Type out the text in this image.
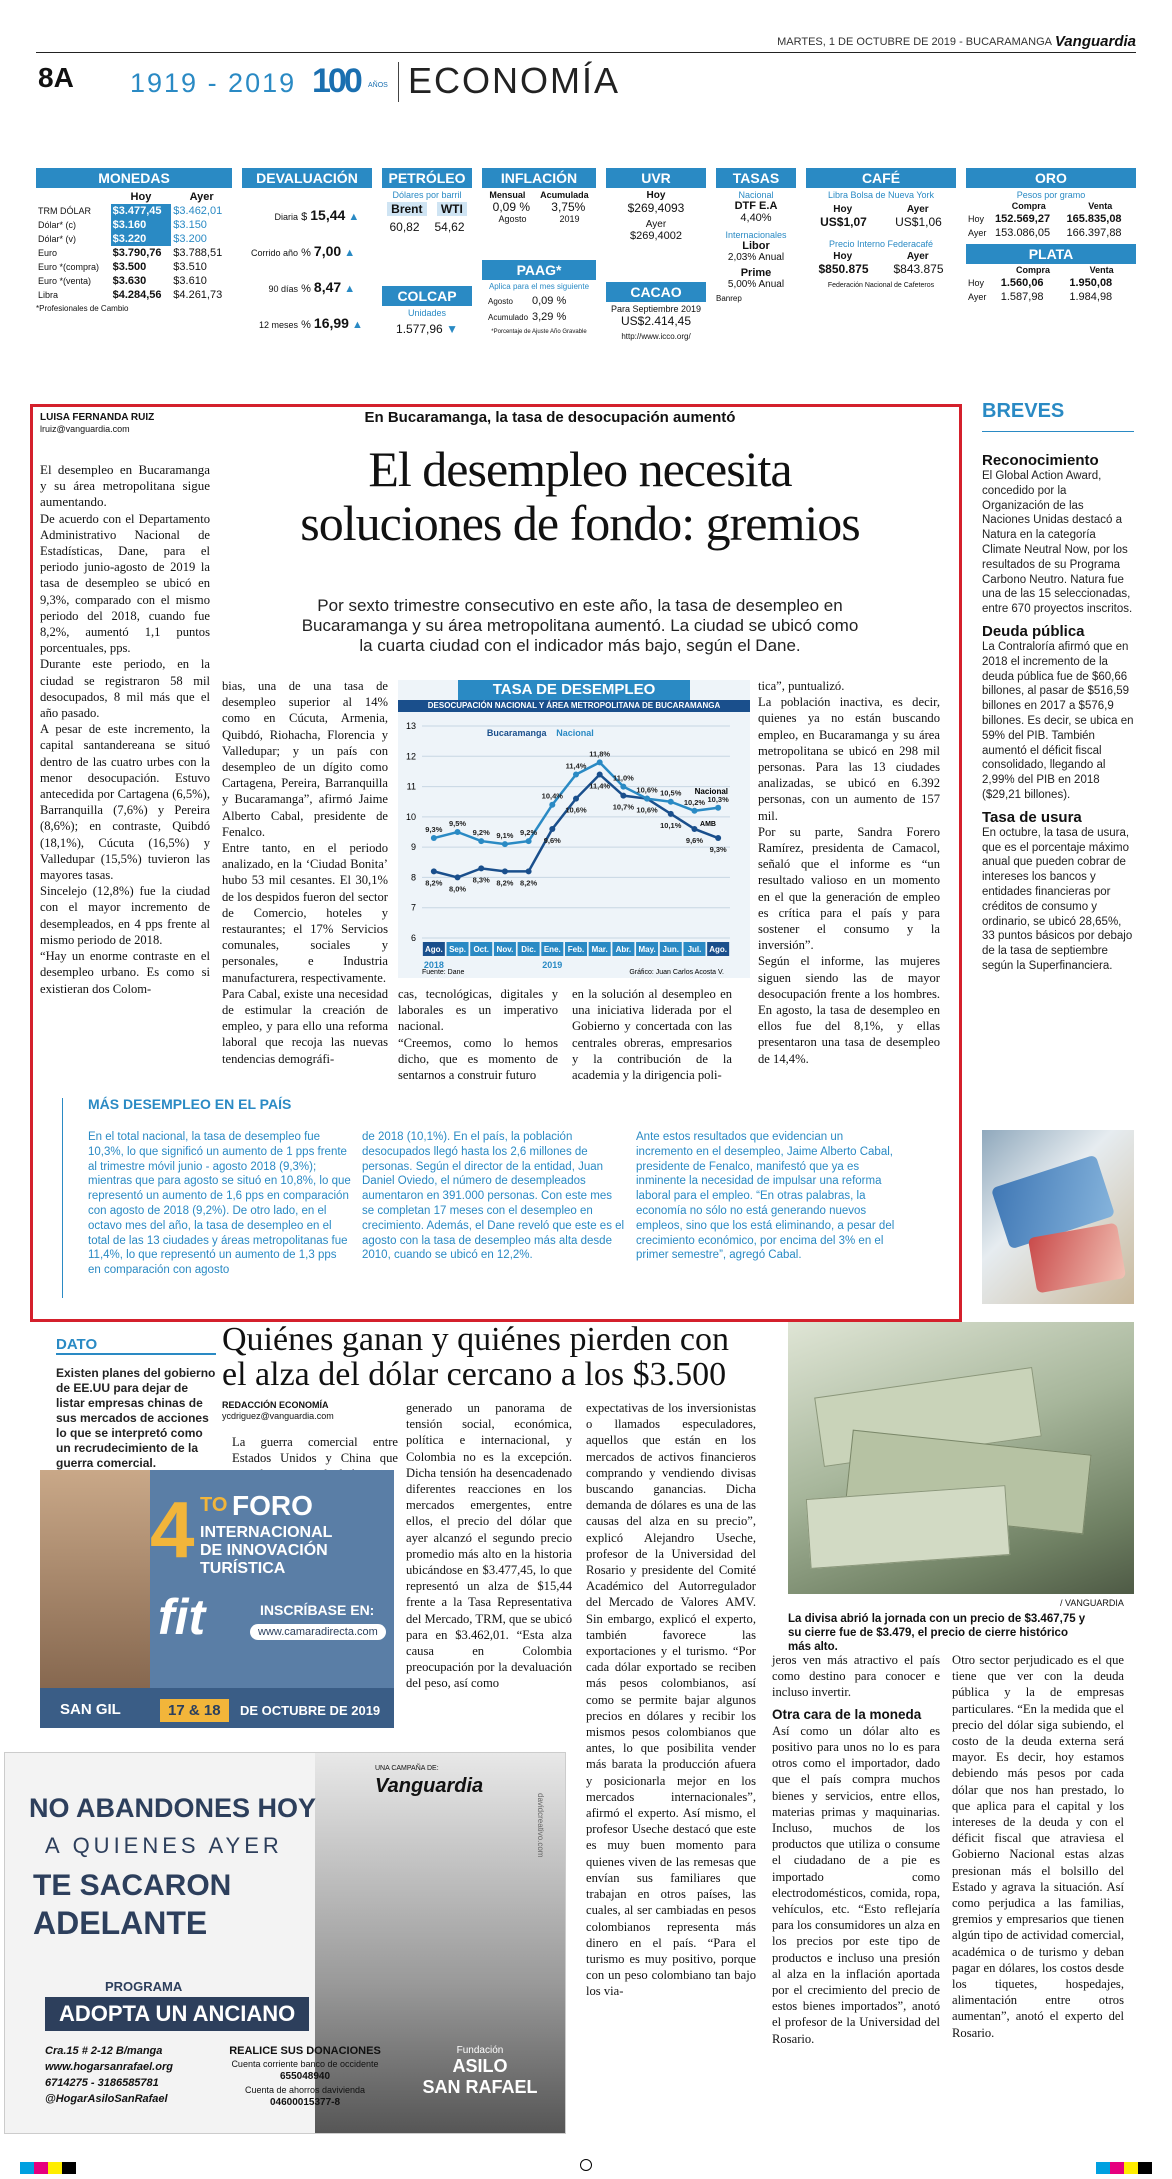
MARTES, 1 DE OCTUBRE DE 2019 - BUCARAMANGA Vanguardia
8A 1919 - 2019 100 AÑOS ECONOMÍA
MONEDAS
	Hoy	Ayer
TRM DÓLAR	$3.477,45	$3.462,01
Dólar* (c)	$3.160	$3.150
Dólar* (v)	$3.220	$3.200
Euro	$3.790,76	$3.788,51
Euro *(compra)	$3.500	$3.510
Euro *(venta)	$3.630	$3.610
Libra	$4.284,56	$4.261,73
*Profesionales de Cambio
DEVALUACIÓN
Diaria $ 15,44 ▲
Corrido año % 7,00 ▲
90 días % 8,47 ▲
12 meses % 16,99 ▲
PETRÓLEO
Dólares por barril
Brent	WTI
60,82 54,62
COLCAP
Unidades
1.577,96 ▼
INFLACIÓN
Mensual Acumulada
0,09 % 3,75%
Agosto	2019
PAAG*
Aplica para el mes siguiente
Agosto 0,09 %
Acumulado 3,29 %
*Porcentaje de Ajuste Año Gravable
UVR
Hoy
$269,4093
Ayer
$269,4002
CACAO
Para Septiembre 2019
US$2.414,45
http://www.icco.org/
TASAS
Nacional
DTF E.A
4,40%
Internacionales
Libor
2,03% Anual
Prime
5,00% Anual
Banrep
CAFÉ
Libra Bolsa de Nueva York
Hoy	Ayer
US$1,07 US$1,06
Precio Interno Federacafé
Hoy	Ayer
$850.875 $843.875
Federación Nacional de Cafeteros
ORO
Pesos por gramo
	Compra	Venta
Hoy	152.569,27	165.835,08
Ayer	153.086,05	166.397,88
PLATA
	Compra	Venta
Hoy	1.560,06	1.950,08
Ayer	1.587,98	1.984,98
LUISA FERNANDA RUIZ
lruiz@vanguardia.com
En Bucaramanga, la tasa de desocupación aumentó
El desempleo necesita
soluciones de fondo: gremios
Por sexto trimestre consecutivo en este año, la tasa de desempleo en Bucaramanga y su área metropolitana aumentó. La ciudad se ubicó como la cuarta ciudad con el indicador más bajo, según el Dane.

El desempleo en Bucaramanga y su área metropolitana sigue aumentando.

De acuerdo con el Departamento Administrativo Nacional de Estadísticas, Dane, para el periodo junio-agosto de 2019 la tasa de desempleo se ubicó en 9,3%, comparado con el mismo periodo del 2018, cuando fue 8,2%, aumentó 1,1 puntos porcentuales, pps.

Durante este periodo, en la ciudad se registraron 58 mil desocupados, 8 mil más que el año pasado.

A pesar de este incremento, la capital santandereana se situó dentro de las cuatro urbes con la menor desocupación. Estuvo antecedida por Cartagena (6,5%), Barranquilla (7,6%) y Pereira (8,6%); en contraste, Quibdó (18,1%), Cúcuta (16,5%) y Valledupar (15,5%) tuvieron las mayores tasas.

Sincelejo (12,8%) fue la ciudad con el mayor incremento de desempleados, en 4 pps frente al mismo periodo de 2018.

“Hay un enorme contraste en el desempleo urbano. Es como si existieran dos Colom-

bias, una de una tasa de desempleo superior al 14% como en Cúcuta, Armenia, Quibdó, Riohacha, Florencia y Valledupar; y un país con desempleo de un dígito como Cartagena, Pereira, Barranquilla y Bucaramanga”, afirmó Jaime Alberto Cabal, presidente de Fenalco.

Entre tanto, en el periodo analizado, en la ‘Ciudad Bonita’ hubo 53 mil cesantes. El 30,1% de los despidos fueron del sector de Comercio, hoteles y restaurantes; el 17% Servicios comunales, sociales y personales, e Industria manufacturera, respectivamente.

Para Cabal, existe una necesidad de estimular la creación de empleo, y para ello una reforma laboral que recoja las nuevas tendencias demográfi-

cas, tecnológicas, digitales y laborales es un imperativo nacional.

“Creemos, como lo hemos dicho, que es momento de sentarnos a construir futuro

en la solución al desempleo en una iniciativa liderada por el Gobierno y concertada con las centrales obreras, empresarios y la contribución de la academia y la dirigencia poli-

tica”, puntualizó.

La población inactiva, es decir, quienes ya no están buscando empleo, en Bucaramanga y su área metropolitana se ubicó en 298 mil personas. Para las 13 ciudades analizadas, se ubicó en 6.392 personas, con un aumento de 157 mil.

Por su parte, Sandra Forero Ramírez, presidenta de Camacol, señaló que el informe es “un resultado valioso en un momento en el que la generación de empleo es crítica para el país y para sostener el consumo y la inversión”.

Según el informe, las mujeres siguen siendo las de mayor desocupación frente a los hombres. En agosto, la tasa de desempleo en ellos fue del 8,1%, y ellas presentaron una tasa de desempleo de 14,4%.

TASA DE DESEMPLEO
DESOCUPACIÓN NACIONAL Y ÁREA METROPOLITANA DE BUCARAMANGA
13
12
11
10
9
8
7
6
Ago. Sep. Oct. Nov. Dic. Ene. Feb. Mar. Abr. May. Jun. Jul. Ago.
2018	2019
Bucaramanga Nacional
8,2%
8,0%
8,3% 8,2% 8,2%
9,6%
10,6%
11,4%
10,7% 10,6%
10,1%
9,6%
9,3%
9,3%
9,5%
9,2% 9,1% 9,2%
10,4%
11,4%
11,8%
11,0%
10,6% 10,5%
10,2% 10,3%
Nacional
AMB
Fuente: Dane	Gráfico: Juan Carlos Acosta V.
MÁS DESEMPLEO EN EL PAÍS
En el total nacional, la tasa de desempleo fue 10,3%, lo que significó un aumento de 1 pps frente al trimestre móvil junio - agosto 2018 (9,3%); mientras que para agosto se situó en 10,8%, lo que representó un aumento de 1,6 pps en comparación con agosto de 2018 (9,2%). De otro lado, en el octavo mes del año, la tasa de desempleo en el total de las 13 ciudades y áreas metropolitanas fue 11,4%, lo que representó un aumento de 1,3 pps en comparación con agosto
de 2018 (10,1%). En el país, la población desocupados llegó hasta los 2,6 millones de personas. Según el director de la entidad, Juan Daniel Oviedo, el número de desempleados aumentaron en 391.000 personas. Con este mes se completan 17 meses con el desempleo en crecimiento. Además, el Dane reveló que este es el agosto con la tasa de desempleo más alta desde 2010, cuando se ubicó en 12,2%.
Ante estos resultados que evidencian un incremento en el desempleo, Jaime Alberto Cabal, presidente de Fenalco, manifestó que ya es inminente la necesidad de impulsar una reforma laboral para el empleo. “En otras palabras, la economía no sólo no está generando nuevos empleos, sino que los está eliminando, a pesar del crecimiento económico, por encima del 3% en el primer semestre”, agregó Cabal.
BREVES
Reconocimiento
El Global Action Award, concedido por la Organización de las Naciones Unidas destacó a Natura en la categoría Climate Neutral Now, por los resultados de su Programa Carbono Neutro. Natura fue una de las 15 seleccionadas, entre 670 proyectos inscritos.
Deuda pública
La Contraloría afirmó que en 2018 el incremento de la deuda pública fue de $60,66 billones, al pasar de $516,59 billones en 2017 a $576,9 billones. Es decir, se ubica en 59% del PIB. También aumentó el déficit fiscal consolidado, llegando al 2,99% del PIB en 2018 ($29,21 billones).
Tasa de usura
En octubre, la tasa de usura, que es el porcentaje máximo anual que pueden cobrar de intereses los bancos y entidades financieras por créditos de consumo y ordinario, se ubicó 28,65%, 33 puntos básicos por debajo de la tasa de septiembre según la Superfinanciera.
DATO
Existen planes del gobierno de EE.UU para dejar de listar empresas chinas de sus mercados de acciones lo que se interpretó como un recrudecimiento de la guerra comercial.
Quiénes ganan y quiénes pierden con
el alza del dólar cercano a los $3.500
REDACCIÓN ECONOMÍA
ycdriguez@vanguardia.com
La guerra comercial entre Estados Unidos y China que
generado un panorama de tensión social, económica, política e internacional, y Colombia no es la excepción. Dicha tensión ha desencadenado diferentes reacciones en los mercados emergentes, entre ellos, el precio del dólar que ayer alcanzó el segundo precio promedio más alto en la historia ubicándose en $3.477,45, lo que representó un alza de $15,44 frente a la Tasa Representativa del Mercado, TRM, que se ubicó para en $3.462,01. “Esta alza causa en Colombia preocupación por la devaluación del peso, así como
expectativas de los inversionistas o llamados especuladores, aquellos que están en los mercados de activos financieros comprando y vendiendo divisas buscando ganancias. Dicha demanda de dólares es una de las causas del alza en su precio”, explicó Alejandro Useche, profesor de la Universidad del Rosario y presidente del Comité Académico del Autorregulador del Mercado de Valores AMV. Sin embargo, explicó el experto, también favorece las exportaciones y el turismo. “Por cada dólar exportado se reciben más pesos colombianos, así como se permite bajar algunos precios en dólares y recibir los mismos pesos colombianos que antes, lo que posibilita vender más barata la producción afuera y posicionarla mejor en los mercados internacionales”, afirmó el experto. Así mismo, el profesor Useche destacó que este es muy buen momento para quienes viven de las remesas que envían sus familiares que trabajan en otros países, las cuales, al ser cambiadas en pesos colombianos representa más dinero en el país. “Para el turismo es muy positivo, porque con un peso colombiano tan bajo los via-
/ VANGUARDIA
La divisa abrió la jornada con un precio de $3.467,75 y su cierre fue de $3.479, el precio de cierre histórico más alto.

jeros ven más atractivo el país como destino para conocer e incluso invertir.

Otra cara de la moneda

Así como un dólar alto es positivo para unos no lo es para otros como el importador, dado que el país compra muchos bienes y servicios, entre ellos, materias primas y maquinarias. Incluso, muchos de los productos que utiliza o consume el ciudadano de a pie es importado como electrodomésticos, comida, ropa, vehículos, etc. “Esto reflejaría para los consumidores un alza en los precios por este tipo de productos e incluso una presión al alza en la inflación aportada por el crecimiento del precio de estos bienes importados”, anotó el profesor de la Universidad del Rosario.

Otro sector perjudicado es el que tiene que ver con la deuda pública y la de empresas particulares. “En la medida que el precio del dólar siga subiendo, el costo de la deuda externa será mayor. Es decir, hoy estamos debiendo más pesos por cada dólar que nos han prestado, lo que aplica para el capital y los intereses de la deuda y con el déficit fiscal que atraviesa el Gobierno Nacional estas alzas presionan más el bolsillo del Estado y agrava la situación. Así como perjudica a las familias, gremios y empresarios que tienen algún tipo de actividad comercial, académica o de turismo y deban pagar en dólares, los costos desde los tiquetes, hospedajes, alimentación entre otros aumentan”, anotó el experto del Rosario.
4 TO FORO
INTERNACIONAL
DE INNOVACIÓN
TURÍSTICA
fit	INSCRÍBASE EN:
www.camaradirecta.com
SAN GIL	17 & 18	DE OCTUBRE DE 2019
UNA CAMPAÑA DE:
Vanguardia
NO ABANDONES HOY
A QUIENES AYER
TE SACARON
ADELANTE
PROGRAMA
ADOPTA UN ANCIANO
Cra.15 # 2-12 B/manga
www.hogarsanrafael.org
6714275 - 3186585781
@HogarAsiloSanRafael
REALICE SUS DONACIONES
Cuenta corriente banco de occidente
655048940
Cuenta de ahorros davivienda
04600015377-8
Fundación
ASILO
SAN RAFAEL
davidcreativo.com
